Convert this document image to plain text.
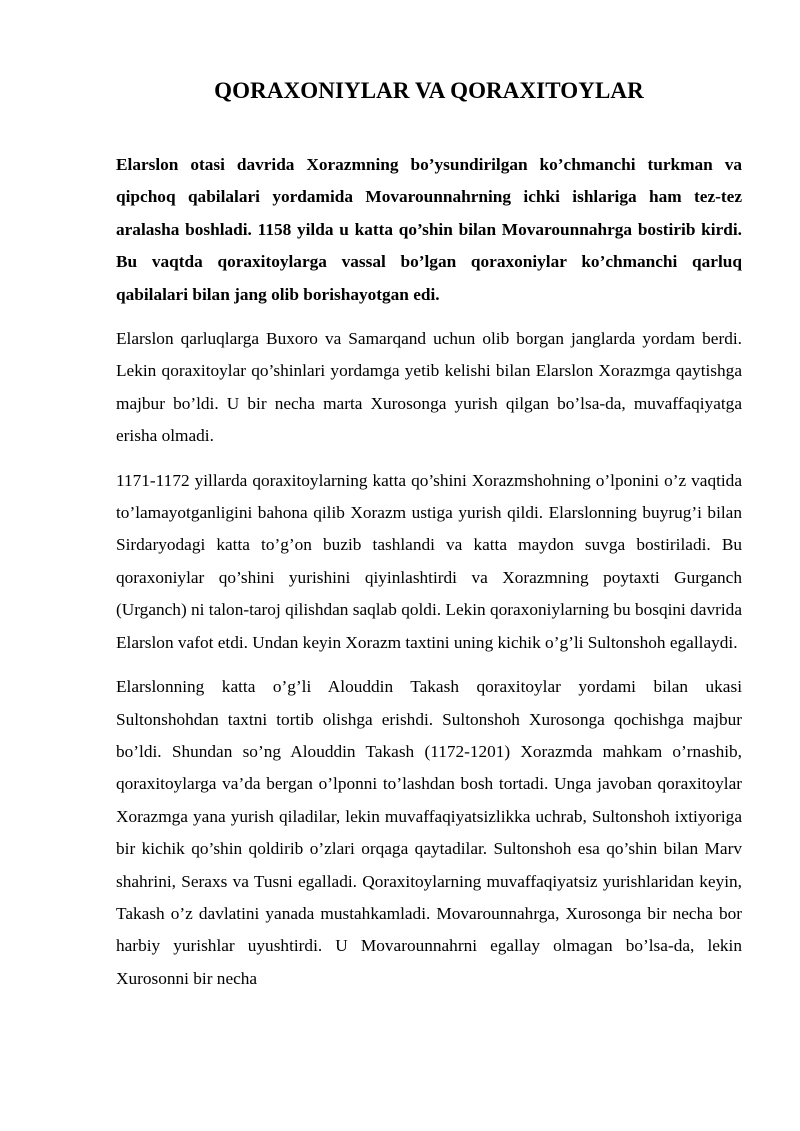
QORAXONIYLAR VA QORAXITOYLAR

Elarslon otasi davrida Xorazmning bo’ysundirilgan ko’chmanchi turkman va qipchoq qabilalari yordamida Movarounnahrning ichki ishlariga ham tez-tez aralasha boshladi. 1158 yilda u katta qo’shin bilan Movarounnahrga bostirib kirdi. Bu vaqtda qoraxitoylarga vassal bo’lgan qoraxoniylar ko’chmanchi qarluq qabilalari bilan jang olib borishayotgan edi.

Elarslon qarluqlarga Buxoro va Samarqand uchun olib borgan janglarda yordam berdi. Lekin qoraxitoylar qo’shinlari yordamga yetib kelishi bilan Elarslon Xorazmga qaytishga majbur bo’ldi. U bir necha marta Xurosonga yurish qilgan bo’lsa-da, muvaffaqiyatga erisha olmadi.

1171-1172 yillarda qoraxitoylarning katta qo’shini Xorazmshohning o’lponini o’z vaqtida to’lamayotganligini bahona qilib Xorazm ustiga yurish qildi. Elarslonning buyrug’i bilan Sirdaryodagi katta to’g’on buzib tashlandi va katta maydon suvga bostiriladi. Bu qoraxoniylar qo’shini yurishini qiyinlashtirdi va Xorazmning poytaxti Gurganch (Urganch) ni talon-taroj qilishdan saqlab qoldi. Lekin qoraxoniylarning bu bosqini davrida Elarslon vafot etdi. Undan keyin Xorazm taxtini uning kichik o’g’li Sultonshoh egallaydi.

Elarslonning katta o’g’li Alouddin Takash qoraxitoylar yordami bilan ukasi Sultonshohdan taxtni tortib olishga erishdi. Sultonshoh Xurosonga qochishga majbur bo’ldi. Shundan so’ng Alouddin Takash (1172-1201) Xorazmda mahkam o’rnashib, qoraxitoylarga va’da bergan o’lponni to’lashdan bosh tortadi. Unga javoban qoraxitoylar Xorazmga yana yurish qiladilar, lekin muvaffaqiyatsizlikka uchrab, Sultonshoh ixtiyoriga bir kichik qo’shin qoldirib o’zlari orqaga qaytadilar. Sultonshoh esa qo’shin bilan Marv shahrini, Seraxs va Tusni egalladi. Qoraxitoylarning muvaffaqiyatsiz yurishlaridan keyin, Takash o’z davlatini yanada mustahkamladi. Movarounnahrga, Xurosonga bir necha bor harbiy yurishlar uyushtirdi. U Movarounnahrni egallay olmagan bo’lsa-da, lekin Xurosonni bir necha
